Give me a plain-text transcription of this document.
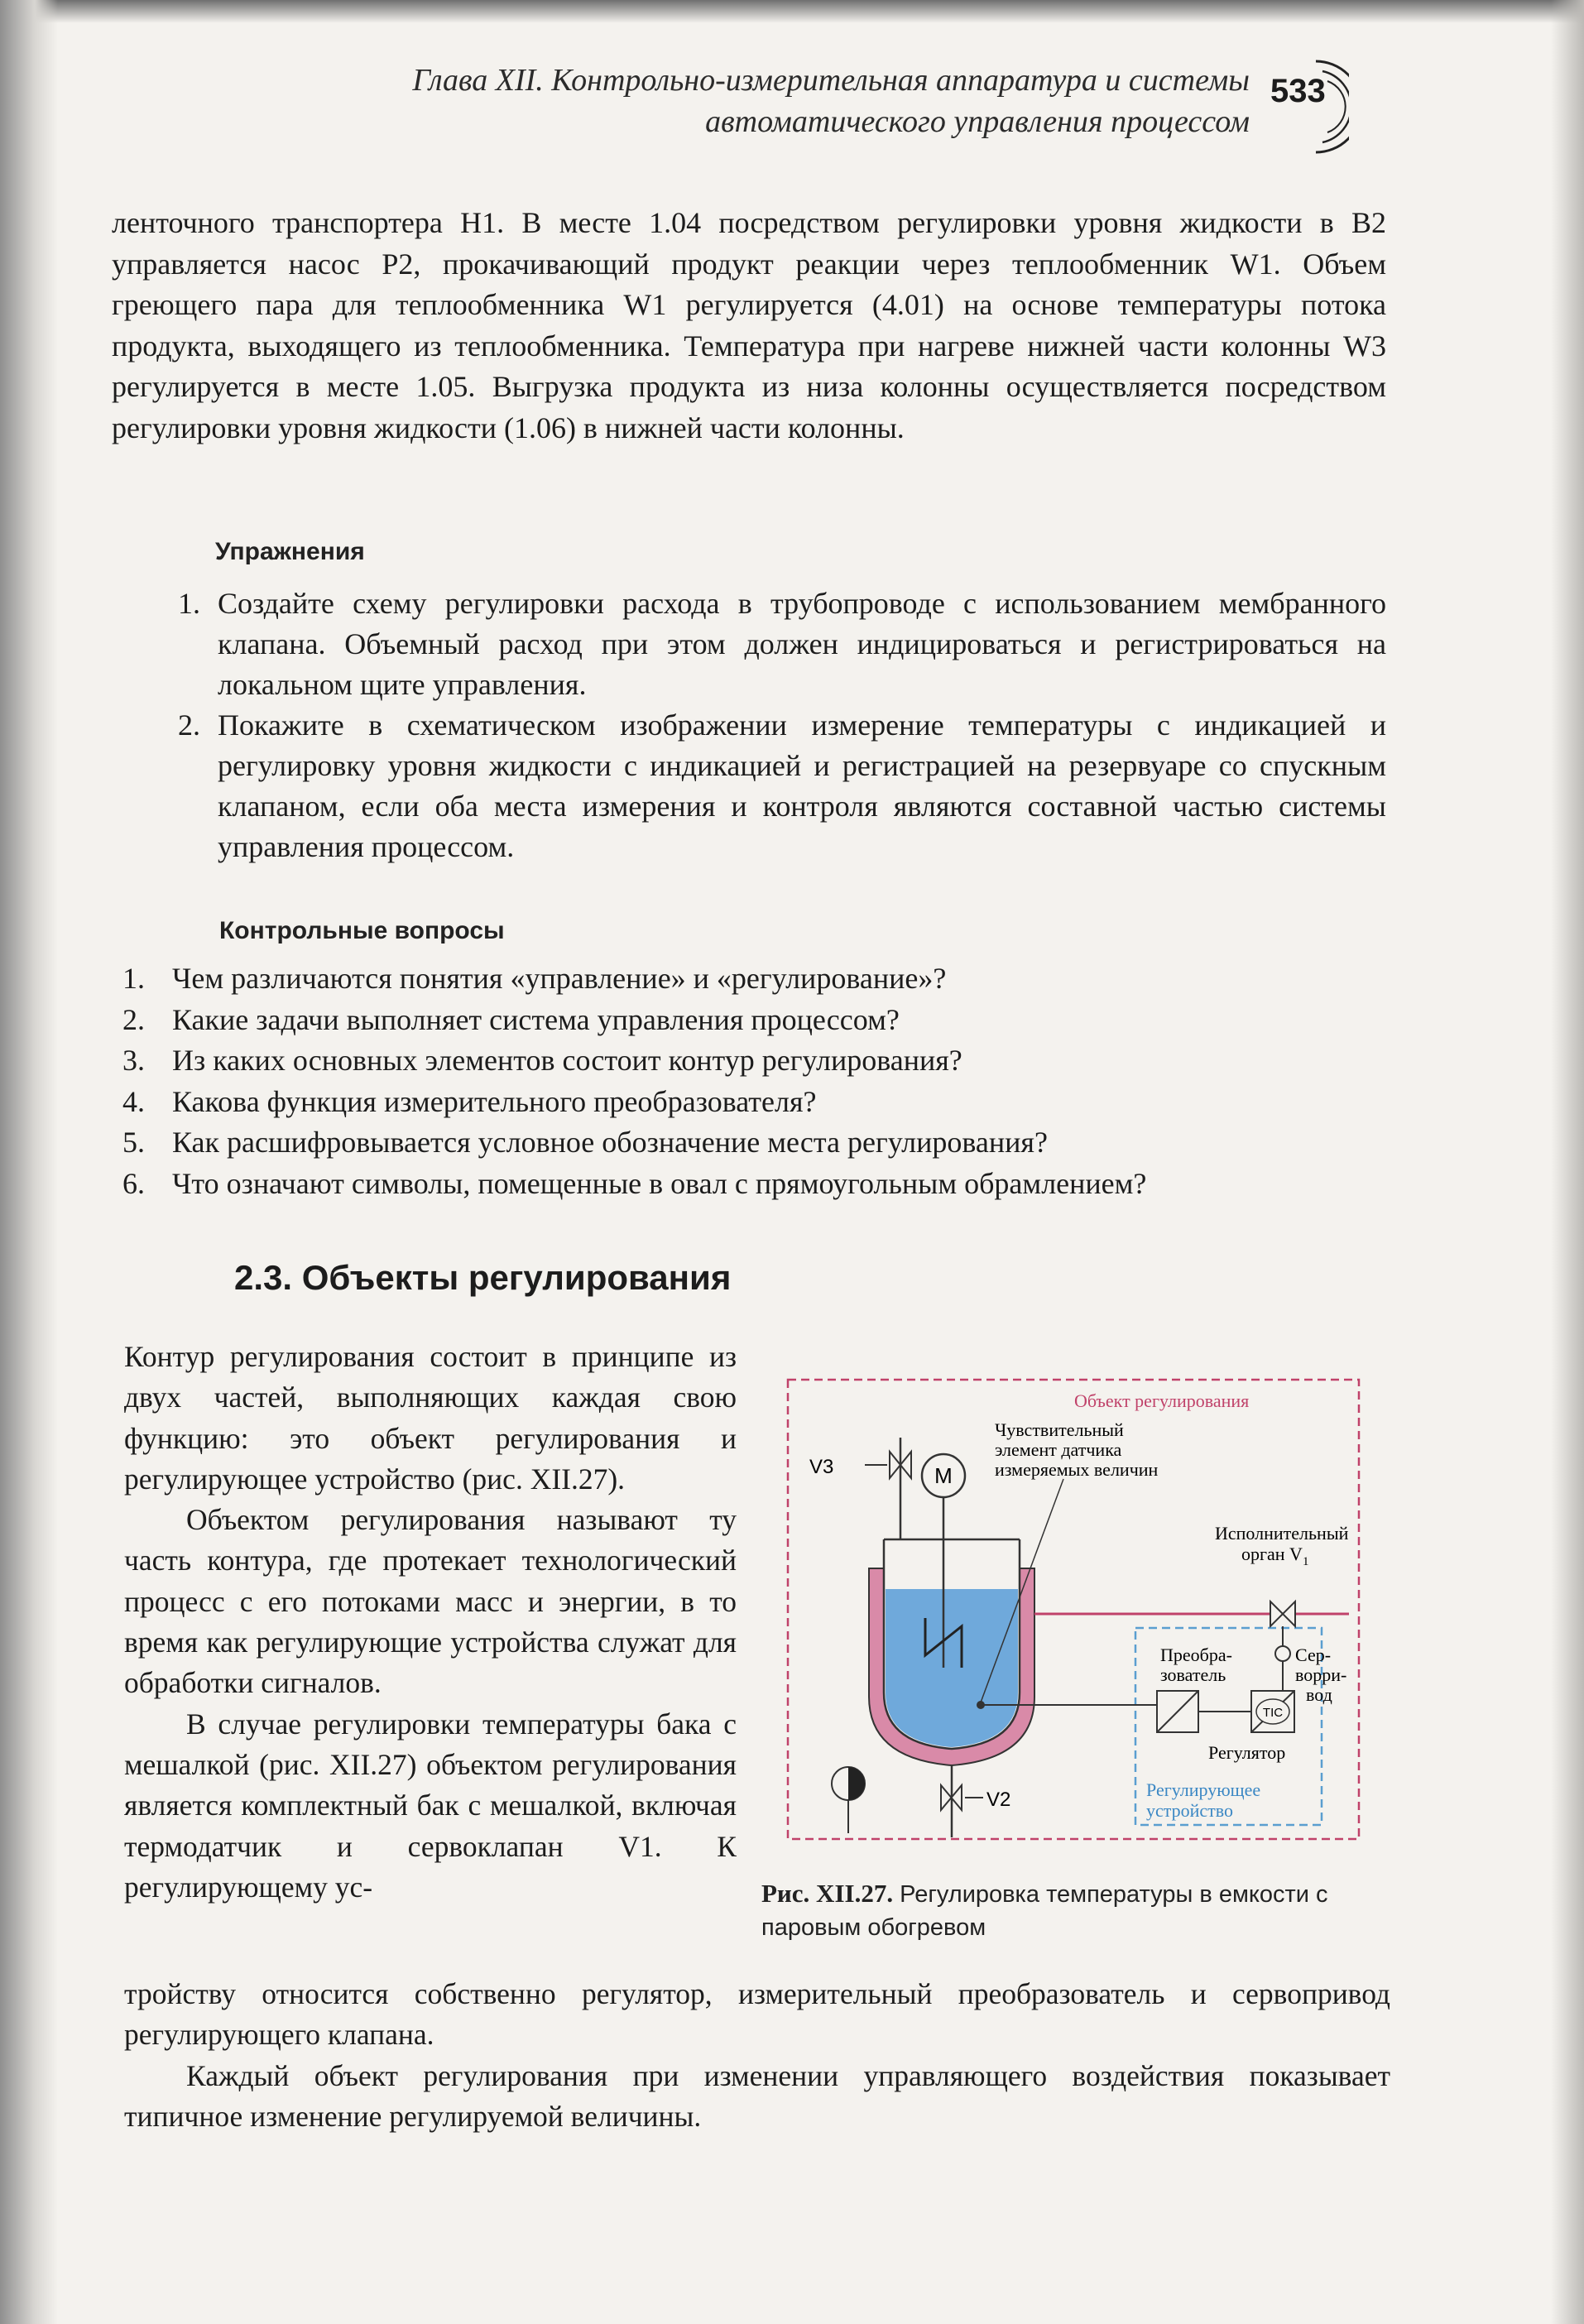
Глава XII. Контрольно-измерительная аппаратура и системы
автоматического управления процессом
533
ленточного транспортера H1. В месте 1.04 посредством регулировки уровня жидкости в B2 управляется насос P2, прокачивающий продукт реакции через теплообменник W1. Объем греющего пара для теплообменника W1 регулируется (4.01) на основе температуры потока продукта, выходящего из теплообменника. Температура при нагреве нижней части колонны W3 регулируется в месте 1.05. Выгрузка продукта из низа колонны осуществляется посредством регулировки уровня жидкости (1.06) в нижней части колонны.
Упражнения
1. Создайте схему регулировки расхода в трубопроводе с использованием мембранного клапана. Объемный расход при этом должен индицироваться и регистрироваться на локальном щите управления.
2. Покажите в схематическом изображении измерение температуры с индикацией и регулировку уровня жидкости с индикацией и регистрацией на резервуаре со спускным клапаном, если оба места измерения и контроля являются составной частью системы управления процессом.
Контрольные вопросы
1. Чем различаются понятия «управление» и «регулирование»?
2. Какие задачи выполняет система управления процессом?
3. Из каких основных элементов состоит контур регулирования?
4. Какова функция измерительного преобразователя?
5. Как расшифровывается условное обозначение места регулирования?
6. Что означают символы, помещенные в овал с прямоугольным обрамлением?
2.3. Объекты регулирования

Контур регулирования состоит в принципе из двух частей, выполняющих каждая свою функцию: это объект регулирования и регулирующее устройство (рис. XII.27).

Объектом регулирования называют ту часть контура, где протекает технологический процесс с его потоками масс и энергии, в то время как регулирующие устройства служат для обработки сигналов.

В случае регулировки температуры бака с мешалкой (рис. XII.27) объектом регулирования является комплектный бак с мешалкой, включая термодатчик и сервоклапан V1. К регулирующему ус-

тройству относится собственно регулятор, измерительный преобразователь и сервопривод регулирующего клапана.

Каждый объект регулирования при изменении управляющего воздействия показывает типичное изменение регулируемой величины.

Объект регулирования
Регулирующее
устройство
M
V3
Чувствительный
элемент датчика
измеряемых величин
Исполнительный
орган $V_1$
Преобра-
зователь
TIC
Регулятор
Сер-
воpри-
вод
V2
Рис. XII.27. Регулировка температуры в емкости с паровым обогревом
